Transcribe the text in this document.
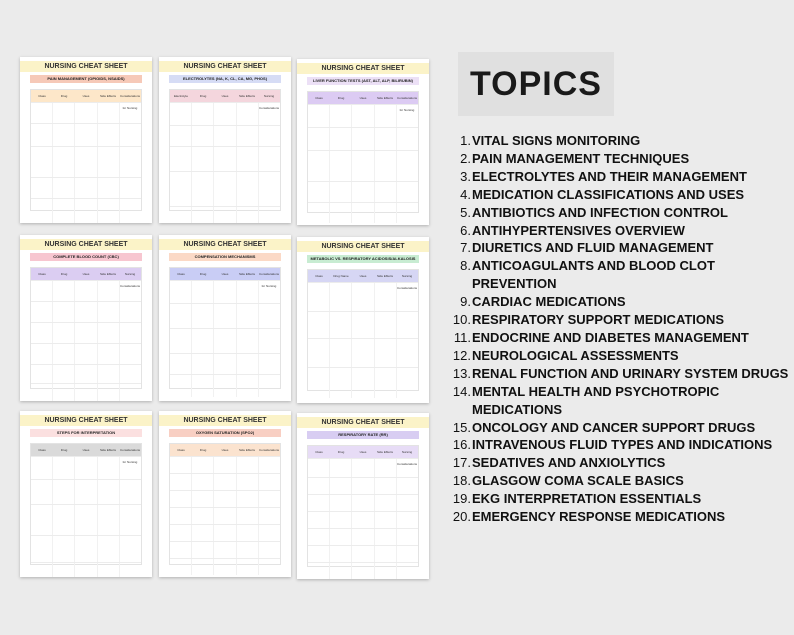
NURSING CHEAT SHEET
PAIN MANAGEMENT (OPIOIDS, NSAIDS)
Class	Drug	Uses	Side Effects	Considerations for Nursing
NURSING CHEAT SHEET
ELECTROLYTES (NA, K, CL, CA, MG, PHOS)
Electrolyte	Drug	Uses	Side Effects	Nursing Considerations
NURSING CHEAT SHEET
LIVER FUNCTION TESTS (AST, ALT, ALP, BILIRUBIN)
Class	Drug	Uses	Side Effects	Considerations for Nursing
NURSING CHEAT SHEET
COMPLETE BLOOD COUNT (CBC)
Class	Drug	Uses	Side Effects	Nursing Considerations
NURSING CHEAT SHEET
COMPENSATION MECHANISMS
Class	Drug	Uses	Side Effects	Considerations for Nursing
NURSING CHEAT SHEET
METABOLIC VS. RESPIRATORY ACIDOSIS/ALKALOSIS
Class	Drug Name	Uses	Side Effects	Nursing Considerations
NURSING CHEAT SHEET
STEPS FOR INTERPRETATION
Class	Drug	Uses	Side Effects	Considerations for Nursing
NURSING CHEAT SHEET
OXYGEN SATURATION (SPO2)
Class	Drug	Uses	Side Effects	Considerations
NURSING CHEAT SHEET
RESPIRATORY RATE (RR)
Class	Drug	Uses	Side Effects	Nursing Considerations
TOPICS
1. VITAL SIGNS MONITORING
2. PAIN MANAGEMENT TECHNIQUES
3. ELECTROLYTES AND THEIR MANAGEMENT
4. MEDICATION CLASSIFICATIONS AND USES
5. ANTIBIOTICS AND INFECTION CONTROL
6. ANTIHYPERTENSIVES OVERVIEW
7. DIURETICS AND FLUID MANAGEMENT
8. ANTICOAGULANTS AND BLOOD CLOT PREVENTION
9. CARDIAC MEDICATIONS
10. RESPIRATORY SUPPORT MEDICATIONS
11. ENDOCRINE AND DIABETES MANAGEMENT
12. NEUROLOGICAL ASSESSMENTS
13. RENAL FUNCTION AND URINARY SYSTEM DRUGS
14. MENTAL HEALTH AND PSYCHOTROPIC MEDICATIONS
15. ONCOLOGY AND CANCER SUPPORT DRUGS
16. INTRAVENOUS FLUID TYPES AND INDICATIONS
17. SEDATIVES AND ANXIOLYTICS
18. GLASGOW COMA SCALE BASICS
19. EKG INTERPRETATION ESSENTIALS
20. EMERGENCY RESPONSE MEDICATIONS
